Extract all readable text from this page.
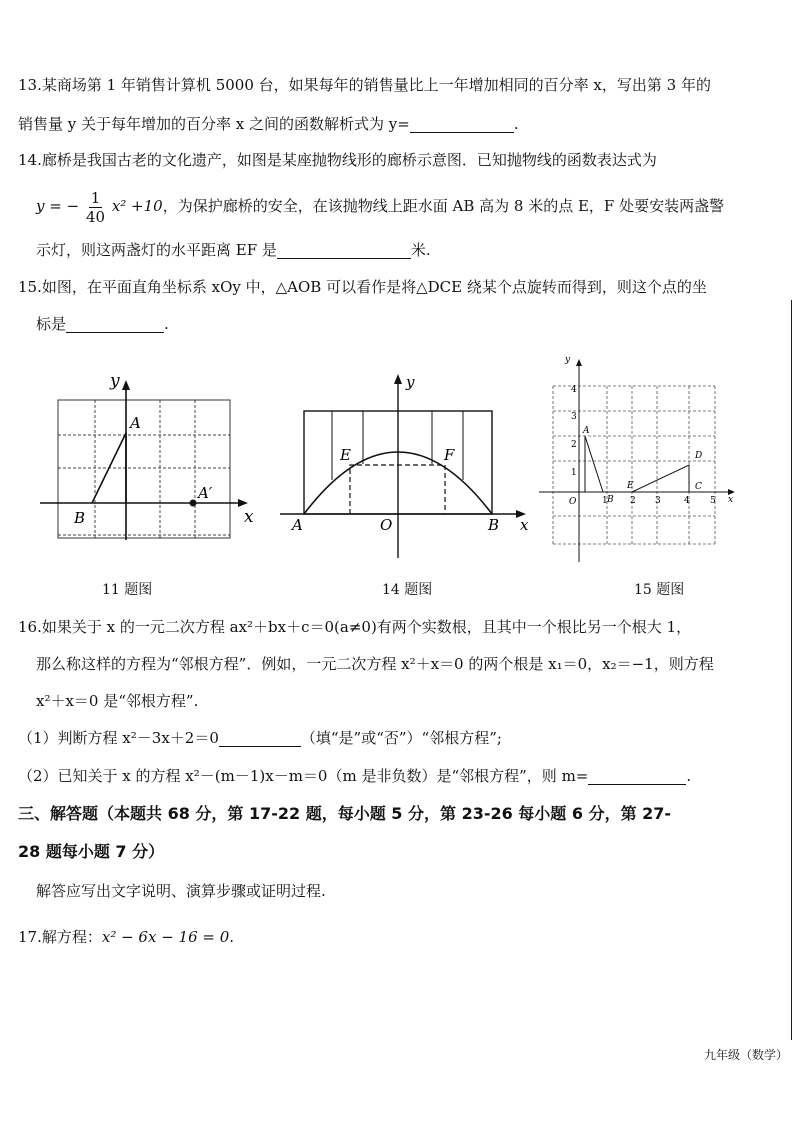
13.某商场第 1 年销售计算机 5000 台，如果每年的销售量比上一年增加相同的百分率 x，写出第 3 年的
销售量 y 关于每年增加的百分率 x 之间的函数解析式为 y=	.
14.廊桥是我国古老的文化遗产，如图是某座抛物线形的廊桥示意图．已知抛物线的函数表达式为
y = − $\frac{1}{40} x^2 +10$，为保护廊桥的安全，在该抛物线上距水面 AB 高为 8 米的点 E，F 处要安装两盏警
示灯，则这两盏灯的水平距离 EF 是	米.
15.如图，在平面直角坐标系 xOy 中，△AOB 可以看作是将△DCE 绕某个点旋转而得到，则这个点的坐
标是	.
y
x
A
B
A′
11 题图
y
x
A	B
O
E	F
14 题图
y
x
O
A
B
E
D
C
1 2 3	4 5
1
2
3
4
15 题图
16.如果关于 x 的一元二次方程 ax²＋bx＋c＝0(a≠0)有两个实数根，且其中一个根比另一个根大 1，
那么称这样的方程为“邻根方程”．例如，一元二次方程 x²＋x＝0 的两个根是 x₁＝0，x₂＝−1，则方程
x²＋x＝0 是“邻根方程”.
（1）判断方程 x²－3x＋2＝0	（填“是”或“否”）“邻根方程”;
（2）已知关于 x 的方程 x²－(m－1)x－m＝0（m 是非负数）是“邻根方程”，则 m=	.
三、解答题（本题共 68 分，第 17-22 题，每小题 5 分，第 23-26 每小题 6 分，第 27-
28 题每小题 7 分）
解答应写出文字说明、演算步骤或证明过程.
17.解方程：x² − 6x − 16 = 0.
九年级（数学）
